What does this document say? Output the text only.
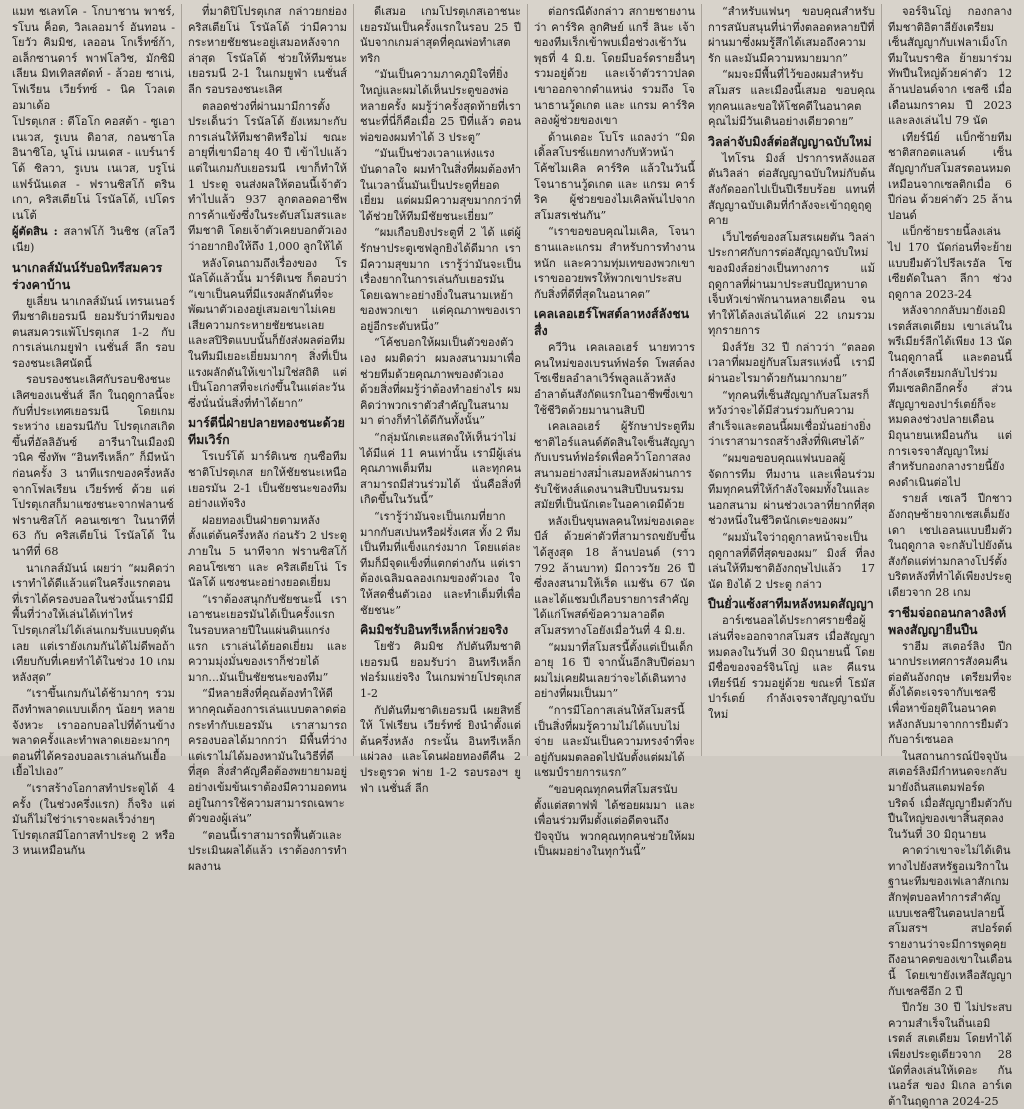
แมท ชเลทโค - โกบาชาน พาชร์, รโบน ค็อต, วิลเลอมาร์ อันทอน - โยวัว คิมมิช, เลออน โกเร็ทซ์ก้า, อเล็กซานดาร์ พาฟโลวิช, มักซิมิเลียน มิทเทิลสตัดท์ - ล้วอย ซาเน่, โฟเรียน เวียร์ทซ์ - นิค โวลเตอมาเด้อ

โปรตุเกส : ดีโอโก คอสต้า - ซูเอา เนเวส, รูเบน ดิอาส, กอนซาโล อินาซิโอ, นูโน่ เมนเดส - แบร์นาร์โด้ ซิลวา, รูเบน เนเวส, บรูโน่ แฟร์นันเดส - ฟรานซิสโก้ ตรินเกา, คริสเตียโน่ โรนัลโด้, เปโดร เนโต้

ผู้ตัดสิน : สลาฟโก้ วินชิช (สโลวีเนีย)

นาเกลส์มันน์รับอนิทรีสมควรร่วงคาบ้าน

ยูเลี่ยน นาเกลส์มันน์ เทรนเนอร์ทีมชาติเยอรมนี ยอมรับว่าทีมของตนสมควรแพ้โปรตุเกส 1-2 กับการเล่นเกมยูฟ่า เนชั่นส์ ลีก รอบรองชนะเลิศนัดนี้

รอบรองชนะเลิศกับรอบชิงชนะเลิศของเนชั่นส์ ลีก ในฤดูกาลนี้จะกับที่ประเทศเยอรมนี โดยเกมระหว่าง เยอรมนีกับ โปรตุเกสเกิดขึ้นที่อัลลิอันซ์ อารีนาในเมืองมิวนิค ซึ่งทัพ “อินทรีเหล็ก” ก็มีหน้าก่อนครั้ง 3 นาทีแรกของครึ่งหลังจากโฟลเรียน เวียร์ทซ์ ด้วย แต่ โปรตุเกสก็มาแซงชนะจากฟลานซ์ ฟรานซิสโก้ คอนเซเซา ในนาทีที่ 63 กับ คริสเตียโน่ โรนัลโด้ ในนาทีที่ 68

นาเกลส์มันน์ เผยว่า “ผมคิดว่าเราทำได้ดีแล้วแต่ในครึ่งแรกตอนที่เราได้ครองบอลในช่วงนั้นเรามีมีพื้นที่ว่างให้เล่นได้เท่าไหร่ โปรตุเกสไม่ได้เล่นเกมรับแบบดุดันเลย แต่เรายังเกมกันได้ไม่ดีพอถ้าเทียบกับที่เคยทำได้ในช่วง 10 เกมหลังสุด”

“เราขึ้นเกมกันได้ช้ามากๆ รวมถึงทำพลาดแบบเด็กๆ น้อยๆ หลายจังหวะ เราออกบอลไปที่ด้านข้างพลาดครั้งและทำพลาดเยอะมากๆ ตอนที่ได้ครองบอลเราเล่นกันเยื้อเยื้อไปเอง”

“เราสร้างโอกาสทำประตูได้ 4 ครั้ง (ในช่วงครึ่งแรก) ก็จริง แต่มันก็ไม่ใช่ว่าเราจะผลเร็วง่ายๆ โปรตุเกสมีโอกาสทำประตู 2 หรือ 3 หนเหมือนกัน

ที่มาดิปิโปรตุเกส กล่าวยกย่อง คริสเตียโน่ โรนัลโด้ ว่ามีความกระหายชัยชนะอยู่เสมอหลังจากล่าสุด โรนัลโด้ ช่วยให้ทีมชนะเยอรมนี 2-1 ในเกมยูฟ่า เนชั่นส์ ลีก รอบรองชนะเลิศ

ตลอดช่วงที่ผ่านมามีการตั้งประเด็นว่า โรนัลโด้ ยังเหมาะกับการเล่นให้ทีมชาติหรือไม่ ขณะอายุที่เขามีอายุ 40 ปี เข้าไปแล้ว แต่ในเกมกับเยอรมนี เขาก็ทำให้ 1 ประตู จนส่งผลให้ตอนนี้เจ้าตัวทำไปแล้ว 937 ลูกตลอดอาชีพการค้าแข้งซึ่งในระดับสโมสรและทีมชาติ โดยเจ้าตัวเคยบอกตัวเองว่าอยากยิงให้ถึง 1,000 ลูกให้ได้

หลังโดนถามถึงเรื่องของ โรนัลโด้แล้วนั้น มาร์ติเนซ ก็ตอบว่า “เขาเป็นคนที่มีแรงผลักดันที่จะพัฒนาตัวเองอยู่เสมอเขาไม่เคยเสียความกระหายชัยชนะเลย และสปิริตแบบนั้นก็ยังส่งผลต่อทีม ในทีมมีเยอะเยี่ยมมากๆ สิ่งที่เป็นแรงผลักดันให้เขาไม่ใช่สถิติ แต่เป็นโอกาสที่จะเก่งขึ้นในแต่ละวัน ซึ่งนั่นนั่นสิ่งที่ทำได้ยาก”

มาร์ตีนี่ฝ่ายปลายทองชนะด้วยทีมเวิร์ก

โรเบร์โต้ มาร์ติเนซ กุนซือทีมชาติโปรตุเกส ยกให้ชัยชนะเหนือเยอรมัน 2-1 เป็นชัยชนะของทีมอย่างแท้จริง

ฝอยทองเป็นฝ่ายตามหลังตั้งแต่ต้นครึ่งหลัง ก่อนรัว 2 ประตูภายใน 5 นาทีจาก ฟรานซิสโก้ คอนโซเซา และ คริสเตียโน่ โรนัลโด้ แซงชนะอย่างยอดเยี่ยม

“เราต้องสนุกกับชัยชนะนี้ เราเอาชนะเยอรมันได้เป็นครั้งแรกในรอบหลายปีในแผ่นดินแกร่งแรก เราเล่นได้ยอดเยี่ยม และความมุ่งมั่นของเราก็ช่วยได้มาก...มันเป็นชัยชนะของทีม”

“มีหลายสิ่งที่คุณต้องทำให้ดีหากคุณต้องการเล่นแบบตลาดต่อกระทำกับเยอรมัน เราสามารถครองบอลได้มากกว่า มีพื้นที่ว่าง แต่เราไม่ได้มองหามันในวิธีที่ดีที่สุด สิ่งสำคัญคือต้องพยายามอยู่อย่างเข้มข้นเราต้องมีความอดทนอยู่ในการใช้ความสามารถเฉพาะตัวของผู้เล่น”

“ตอนนี้เราสามารถฟื้นตัวและประเมินผลได้แล้ว เราต้องการทำผลงาน

ดีเสมอ เกมโปรตุเกสเอาชนะเยอรมันเป็นครั้งแรกในรอบ 25 ปี นับจากเกมล่าสุดที่คุณพ่อทำเสตทริก

“มันเป็นความภาคภูมิใจที่ยิ่งใหญ่และผมได้เห็นประตูของพ่อหลายครั้ง ผมรู้ว่าครั้งสุดท้ายที่เราชนะที่นี่ก็คือเมื่อ 25 ปีที่แล้ว ตอนพ่อของผมทำได้ 3 ประตู”

“มันเป็นช่วงเวลาแห่งแรงบันดาลใจ ผมทำในสิ่งที่ผมต้องทำในเวลานั้นมันเป็นประตูที่ยอดเยี่ยม แต่ผมมีความสุขมากกว่าที่ได้ช่วยให้ทีมมีชัยชนะเยี่ยม”

“ผมเกือบยิงประตูที่ 2 ได้ แต่ผู้รักษาประตูเซฟลูกยิงได้ดีมาก เรามีความสุขมาก เรารู้ว่ามันจะเป็นเรื่องยากในการเล่นกับเยอรมัน โดยเฉพาะอย่างยิ่งในสนามเหย้าของพวกเขา แต่คุณภาพของเราอยู่อีกระดับหนึ่ง”

“โค้ชบอกให้ผมเป็นตัวของตัวเอง ผมติดว่า ผมลงสนามมาเพื่อช่วยทีมด้วยคุณภาพของตัวเอง ด้วยสิ่งที่ผมรู้ว่าต้องทำอย่างไร ผมคิดว่าพวกเราตัวสำคัญในสนามมา ต่างก็ทำได้ดีกันทั้งนั้น”

“กลุ่มนักเตะแสดงให้เห็นว่าไม่ได้มีแค่ 11 คนเท่านั้น เรามีผู้เล่นคุณภาพเต็มทีม และทุกคนสามารถมีส่วนร่วมได้ นั่นคือสิ่งที่เกิดขึ้นในวันนี้”

“เรารู้ว่ามันจะเป็นเกมที่ยากมากกับสเปนหรือฝรั่งเศส ทั้ง 2 ทีมเป็นทีมที่แข็งแกร่งมาก โดยแต่ละทีมก็มีจุดแข็งที่แตกต่างกัน แต่เราต้องเฉลิมฉลองเกมของตัวเอง ใจให้สดชื่นตัวเอง และทำเต็มที่เพื่อชัยชนะ”

คิมมิชรับอินทรีเหล็กห่วยจริง

โยชัว คิมมิช กัปตันทีมชาติเยอรมนี ยอมรับว่า อินทรีเหล็กฟอร์มแย่จริง ในเกมพ่ายโปรตุเกส 1-2

กัปตันทีมชาติเยอรมนี เผยสิทธิ์ให้ โฟเรียน เวียร์ทซ์ ยิงนำตั้งแต่ต้นครึ่งหลัง กระนั้น อินทรีเหล็กแผ่วลง และโดนฝอยทองตีคืน 2 ประตูรวด พ่าย 1-2 รอบรองฯ ยูฟ่า เนชั่นส์ ลีก

ต่อกรณีดังกล่าว สกายชายงานว่า คาร์ริค ลูกศิษย์ แกรี่ ลินะ เจ้าของทีมเร็กเข้าพบเมื่อช่วงเช้าวันพุธที่ 4 มิ.ย. โดยมีบอร์ดรายอื่นๆ รวมอยู่ด้วย และเจ้าตัวราวปลดเขาออกจากตำแหน่ง รวมถึง โจนาธานวู้ดเกต และ แกรม คาร์ริค ลองผู้ช่วยของเขา

ด้านเดอะ โบโร แถลงว่า “มิดเดิ้ลสโบรซ์แยกทางกับหัวหน้าโค้ชไมเคิล คาร์ริค แล้วในวันนี้ โจนาธานวู้ดเกต และ แกรม คาร์ริค ผู้ช่วยของไมเคิลพ้นไปจากสโมสรเช่นกัน”

“เราขอขอบคุณไมเคิล, โจนาธานและแกรม สำหรับการทำงานหนัก และความทุ่มเทของพวกเขา เราขออวยพรให้พวกเขาประสบกับสิ่งที่ดีที่สุดในอนาคต”

เคลเลอเฮร์โพสต์ลาหงส์ลังชนสื่ง

ควีวิน เคลเลอเฮร์ นายทวารคนใหม่ของเบรนท์ฟอร์ด โพสต์ลงโซเชียลอำลาเวิร์พลูลแล้วหลังอำลาต้นสังกัดแรกในอาชีพซึ่งเขาใช้ชีวิตด้วยมานานสิบปี

เคลเลอเฮร์ ผู้รักษาประตูทีมชาติไอร์แลนด์ตัดสินใจเซ็นสัญญากับเบรนท์ฟอร์ดเพื่อคว้าโอกาสลงสนามอย่างสม่ำเสมอหลังผ่านการรับใช้หงส์แดงนานสิบปีบนรมรมสมัยที่เป็นนักเตะในอคาเดมีด้วย

หลังเป็นขุนพลคนใหม่ของเดอะ บีส์ ด้วยค่าตัวที่สามารถขยับขึ้นได้สูงสุด 18 ล้านปอนด์ (ราว 792 ล้านบาท) มีถาวรวัย 26 ปีซึ่งลงสนามให้เร็ด แมชัน 67 นัดและได้แชมป์เกือบรายการสำคัญ ได้แก่โพสต์ข้อความลาอดีตสโมสรทางโอยังเมื่อวันที่ 4 มิ.ย.

“ผมมาที่สโมสรนี้ตั้งแต่เป็นเด็กอายุ 16 ปี จากนั้นอีกสิบปีต่อมา ผมไม่เคยฝันเลยว่าจะได้เดินทางอย่างที่ผมเป็นมา”

“การมีโอกาสเล่นให้สโมสรนี้เป็นสิ่งที่ผมรู้ความไม่ได้แบบไม่จ่าย และมันเป็นความทรงจำที่จะอยู่กับผมตลอดไปนับตั้งแต่ผมได้แชมป์รายการแรก”

“ขอบคุณทุกคนที่สโมสรนับตั้งแต่สตาฟฟ์ ได้ชอยผมมา และเพื่อนร่วมทีมตั้งแต่อดีตจนถึงปัจจุบัน พวกคุณทุกคนช่วยให้ผมเป็นผมอย่างในทุกวันนี้”

“สำหรับแฟนๆ ขอบคุณสำหรับการสนับสนุนที่น่าทึ่งตลอดหลายปีที่ผ่านมาซึ่งผมรู้สึกได้เสมอถึงความรัก และมันมีความหมายมาก”

“ผมจะมีพื้นที่ไว้ของผมสำหรับสโมสร และเมืองนี้เสมอ ขอบคุณทุกคนและขอให้โชคดีในอนาคต คุณไม่มีวันเดินอย่างเดียวดาย”

วิลล่าจับมิงส์ต่อสัญญาฉบับใหม่

ไทโรน มิงส์ ปราการหลังแอสตันวิลล่า ต่อสัญญาฉบับใหม่กับต้นสังกัดออกไปเป็นปีเรียบร้อย แทนที่สัญญาฉบับเดิมที่กำลังจะเข้าฤดูฤดูคาย

เว็บไซต์ของสโมสรเผยตัน วิลล่าประกาศกับการต่อสัญญาฉบับใหม่ของมิงส์อย่างเป็นทางการ แม้ฤดูกาลที่ผ่านมาประสบปัญหาบาดเจ็บหัวเข่าพักนานหลายเดือน จนทำให้ได้ลงเล่นได้แค่ 22 เกมรวมทุกรายการ

มิงส์วัย 32 ปี กล่าวว่า “ตลอดเวลาที่ผมอยู่กับสโมสรแห่งนี้ เรามีผ่านอะไรมาด้วยกันมากมาย”

“ทุกคนที่เซ็นสัญญากับสโมสรก็หวังว่าจะได้มีส่วนร่วมกับความสำเร็จและตอนนี้ผมเชื่อมั่นอย่างยิ่งว่าเราสามารถสร้างสิ่งที่พิเศษได้”

“ผมขอขอบคุณแฟนบอลผู้จัดการทีม ทีมงาน และเพื่อนร่วมทีมทุกคนที่ให้กำลังใจผมทั้งในและนอกสนาม ผ่านช่วงเวลาที่ยากที่สุดช่วงหนึ่งในชีวิตนักเตะของผม”

“ผมมั่นใจว่าฤดูกาลหน้าจะเป็นฤดูกาลที่ดีที่สุดของผม” มิงส์ ที่ลงเล่นให้ทีมชาติอังกฤษไปแล้ว 17 นัด ยิงได้ 2 ประตู กล่าว

ปืนยั่วแซ้งสาทีมหลังหมดสัญญา

อาร์เซนอลได้ประกาศรายชื่อผู้เล่นที่จะออกจากสโมสร เมื่อสัญญาหมดลงในวันที่ 30 มิถุนายนนี้ โดยมีชื่อของจอร์จินโญ่ และ คีแรน เทียร์นีย์ รวมอยู่ด้วย ขณะที่ โธมัส ปาร์เตย์ กำลังเจรจาสัญญาฉบับใหม่

จอร์จินโญ่ กองกลางทีมชาติอิตาลียังเตรียมเซ็นสัญญากับเฟลาเม็งโกทีมในบราซิล ย้ายมาร่วมทัพปืนใหญ่ด้วยค่าตัว 12 ล้านปอนด์จาก เชลซี เมื่อเดือนมกราคม ปี 2023 และลงเล่นไป 79 นัด

เทียร์นีย์ แบ็กซ้ายทีมชาติสกอตแลนด์ เซ็นสัญญากับสโมสรตอนหมดเหมือนจากเซลติกเมื่อ 6 ปีก่อน ด้วยค่าตัว 25 ล้านปอนด์

แบ็กซ้ายรายนี้ลงเล่นไป 170 นัดก่อนที่จะย้ายแบบยืมตัวไปรีลเรอัล โซเซียดัดในลา ลีกา ช่วงฤดูกาล 2023-24

หลังจากกลับมายังเอมิเรตส์สเตเดียม เขาเล่นในพรีเมียร์ลีกได้เพียง 13 นัดในฤดูกาลนี้ และตอนนี้กำลังเตรียมกลับไปร่วมทีมเซลติกอีกครั้ง ส่วนสัญญาของปาร์เตย์ก็จะหมดลงช่วงปลายเดือนมิถุนายนเหมือนกัน แต่การเจรจาสัญญาใหม่สำหรับกองกลางรายนี้ยังคงดำเนินต่อไป

รายส์ เซเลวี ปีกชาวอังกฤษซ้ายจากเชสเต็มยังเดา เชปเอลนแบบยืมตัวในฤดูกาล จะกลับไปยังต้นสังกัดแต่ท่ามกลางโปร์ตั้งบริตหลังที่ทำได้เพียงประตูเดียวจาก 28 เกม

ราชีมจ่อถอนกลางลิงห์พลงสัญญายืนปืน

ราฮีม สเตอร์ลิง ปีกนากประเทศการสังคมคืนต่อตันอังกฤษ เตรียมที่จะตั้งได้ตะเจรจากับเชลซี เพื่อหาข้อยุติในอนาคตหลังกลับมาจากการยืมตัวกับอาร์เซนอล

ในสถานการณ์ปัจจุบัน สเตอร์ลิงมีกำหนดจะกลับมายังถิ่นสแตมฟอร์ด บริดจ์ เมื่อสัญญายืมตัวกับปืนใหญ่ของเขาสิ้นสุดลงในวันที่ 30 มิถุนายน

คาดว่าเขาจะไม่ได้เดินทางไปยังสหรัฐอเมริกาในฐานะทีมของเฟเลาสักเกมสักฟุตบอลทำการสำคัญแบบเชลซีในตอนปลายนี้ สโมสรฯ สปอร์ตต์ รายงานว่าจะมีการพูดคุยถึงอนาคตของเขาในเดือนนี้ โดยเขายังเหลือสัญญากับเชลซีอีก 2 ปี

ปีกวัย 30 ปี ไม่ประสบความสำเร็จในถิ่นเอมิเรตส์ สเตเดียม โดยทำได้เพียงประตูเดียวจาก 28 นัดที่ลงเล่นให้เดอะ กันเนอร์ส ของ มิเกล อาร์เตต้าในฤดูกาล 2024-25
